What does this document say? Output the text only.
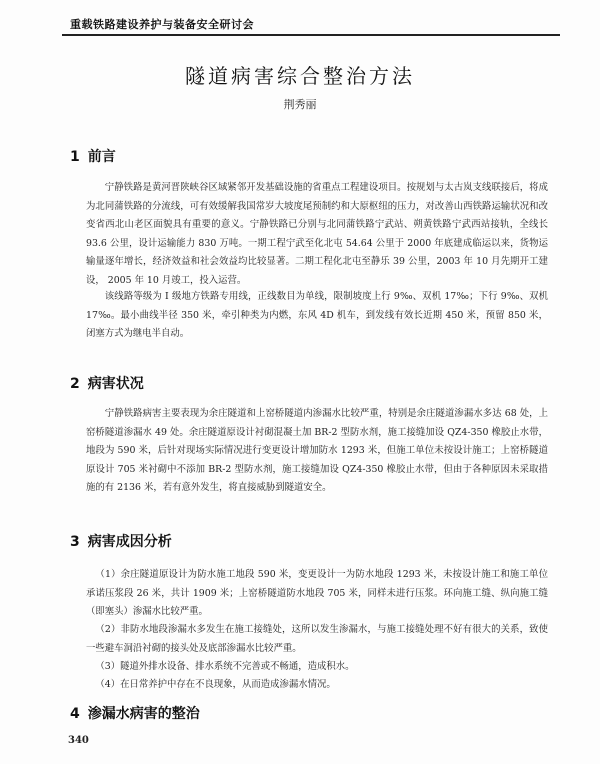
重载铁路建设养护与装备安全研讨会
隧道病害综合整治方法
荆秀丽
1 前言

宁静铁路是黄河晋陕峡谷区域紧邻开发基础设施的省重点工程建设项目。按规划与太古岚支线联接后，将成为北同蒲铁路的分流线，可有效缓解我国常岁大坡度尾预制约和大原枢纽的压力，对改善山西铁路运输状况和改变省西北山老区面貌具有重要的意义。宁静铁路已分别与北同蒲铁路宁武站、朔黄铁路宁武西站接轨，全线长 93.6 公里，设计运输能力 830 万吨。一期工程宁武至化北屯 54.64 公里于 2000 年底建成临运以来，货物运输量逐年增长，经济效益和社会效益均比较显著。二期工程化北屯至静乐 39 公里，2003 年 10 月先期开工建设， 2005 年 10 月竣工，投入运营。

该线路等级为 Ⅰ 级地方铁路专用线，正线数目为单线，限制坡度上行 9‰、双机 17‰；下行 9‰、双机 17‰。最小曲线半径 350 米，牵引种类为内燃，东风 4D 机车，到发线有效长近期 450 米，预留 850 米，闭塞方式为继电半自动。

2 病害状况

宁静铁路病害主要表现为余庄隧道和上窑桥隧道内渗漏水比较严重，特别是余庄隧道渗漏水多达 68 处，上窑桥隧道渗漏水 49 处。余庄隧道原设计衬砌混凝土加 BR-2 型防水剂，施工接缝加设 QZ4-350 橡胶止水带，地段为 590 米，后针对现场实际情况进行变更设计增加防水 1293 米，但施工单位未按设计施工；上窑桥隧道原设计 705 米衬砌中不添加 BR-2 型防水剂，施工接缝加设 QZ4-350 橡胶止水带，但由于各种原因未采取措施的有 2136 米，若有意外发生，将直接威胁到隧道安全。

3 病害成因分析

（1）余庄隧道原设计为防水施工地段 590 米，变更设计一为防水地段 1293 米，未按设计施工和施工单位承诺压浆段 26 米，共计 1909 米；上窑桥隧道防水地段 705 米，同样未进行压浆。环向施工缝、纵向施工缝（即塞头）渗漏水比较严重。

（2）非防水地段渗漏水多发生在施工接缝处，这所以发生渗漏水，与施工接缝处理不好有很大的关系，致使一些避车洞沿衬砌的接头处及底部渗漏水比较严重。

（3）隧道外排水设备、排水系统不完善或不畅通，造成积水。

（4）在日常养护中存在不良现象，从而造成渗漏水情况。

4 渗漏水病害的整治
340
